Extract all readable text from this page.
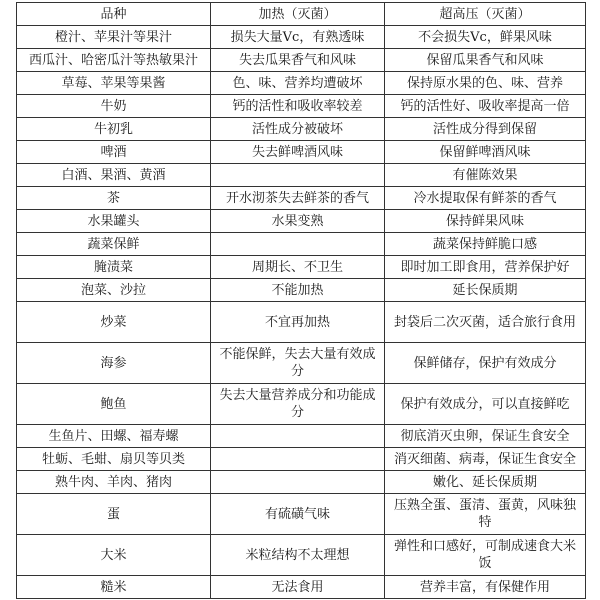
品种	加热（灭菌）	超高压（灭菌）
橙汁、苹果汁等果汁	损失大量Vc，有熟透味	不会损失Vc，鲜果风味
西瓜汁、哈密瓜汁等热敏果汁	失去瓜果香气和风味	保留瓜果香气和风味
草莓、苹果等果酱	色、味、营养均遭破坏	保持原水果的色、味、营养
牛奶	钙的活性和吸收率较差	钙的活性好、吸收率提高一倍
牛初乳	活性成分被破坏	活性成分得到保留
啤酒	失去鲜啤酒风味	保留鲜啤酒风味
白酒、果酒、黄酒		有催陈效果
茶	开水沏茶失去鲜茶的香气	冷水提取保有鲜茶的香气
水果罐头	水果变熟	保持鲜果风味
蔬菜保鲜		蔬菜保持鲜脆口感
腌渍菜	周期长、不卫生	即时加工即食用，营养保护好
泡菜、沙拉	不能加热	延长保质期
炒菜	不宜再加热	封袋后二次灭菌，适合旅行食用
海参	不能保鲜，失去大量有效成分	保鲜储存，保护有效成分
鲍鱼	失去大量营养成分和功能成分	保护有效成分，可以直接鲜吃
生鱼片、田螺、福寿螺		彻底消灭虫卵，保证生食安全
牡蛎、毛蚶、扇贝等贝类		消灭细菌、病毒，保证生食安全
熟牛肉、羊肉、猪肉		嫩化、延长保质期
蛋	有硫磺气味	压熟全蛋、蛋清、蛋黄，风味独特
大米	米粒结构不太理想	弹性和口感好，可制成速食大米饭
糙米	无法食用	营养丰富，有保健作用
